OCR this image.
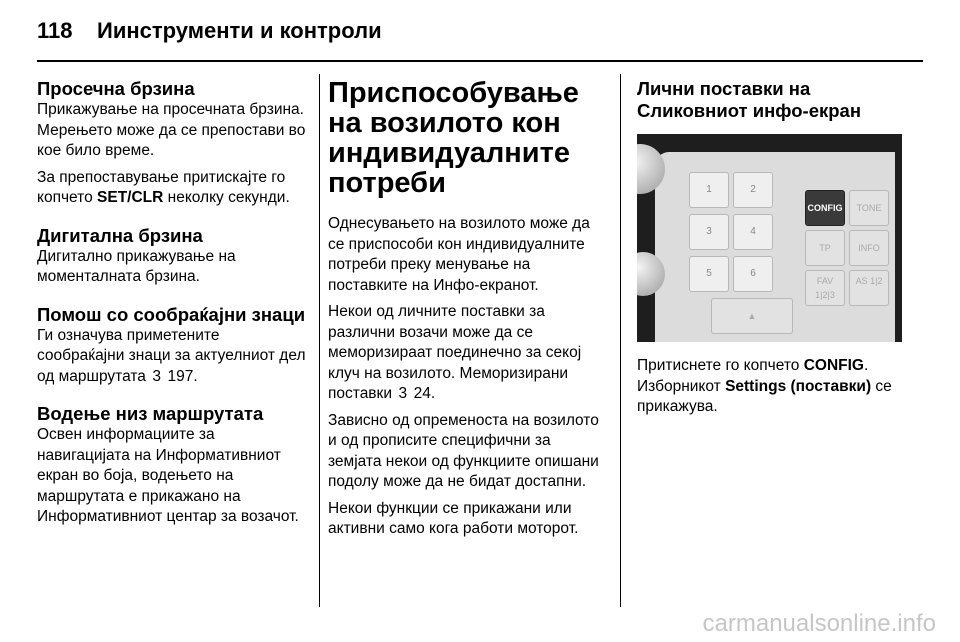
118 Иинструменти и контроли
Просечна брзина

Прикажување на просечната брзина. Мерењето може да се препостави во кое било време.

За препоставување притискајте го копчето SET/CLR неколку секунди.

Дигитална брзина

Дигитално прикажување на моменталната брзина.

Помош со сообраќајни знаци

Ги означува приметените сообраќајни знаци за актуелниот дел од маршрутата 3 197.

Водење низ маршрутата

Освен информациите за навигацијата на Информативниот екран во боја, водењето на маршрутата е прикажано на Информативниот центар за возачот.

Приспособување на возилото кон индивидуалните потреби

Однесувањето на возилото може да се приспособи кон индивидуалните потреби преку менувањe на поставките на Инфо-екранот.

Некои од личните поставки за различни возачи може да се меморизираат поединечно за секој клуч на возилото. Меморизирани поставки 3 24.

Зависно од опременоста на возилото и од прописите специфични за земјата некои од функциите опишани подолу може да не бидат достапни.

Некои функции се прикажани или активни само кога работи моторот.

Лични поставки на Сликовниот инфо-екран
1	2
3	4
5	6
CONFIG	TONE
TP	INFO
FAV 1|2|3
AS 1|2
▲

Притиснете го копчето CONFIG.

Изборникот Settings (поставки) се прикажува.

carmanualsonline.info
